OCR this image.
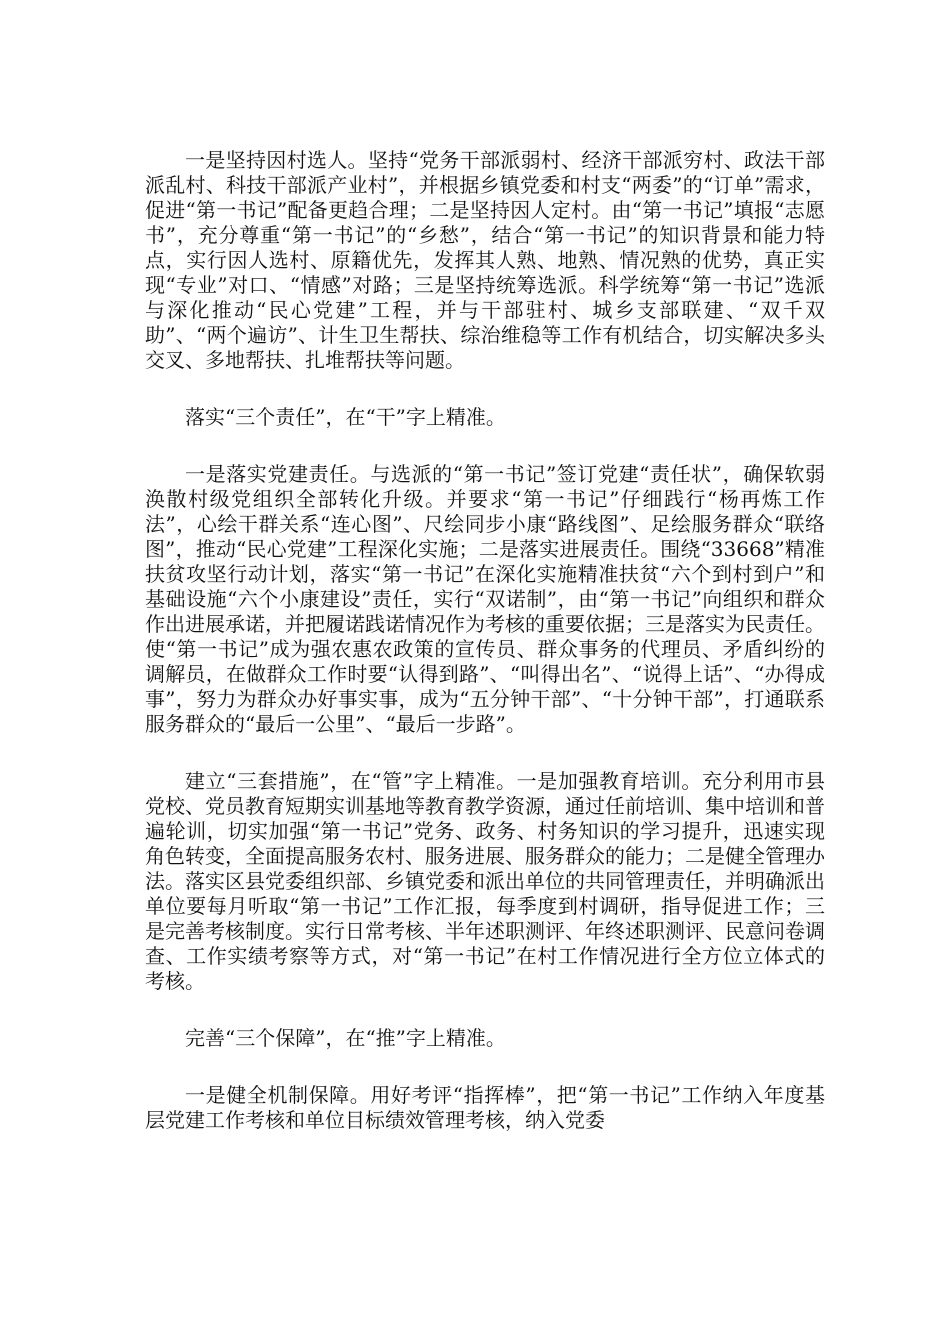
一是坚持因村选人。坚持“党务干部派弱村、经济干部派穷村、政法干部派乱村、科技干部派产业村”，并根据乡镇党委和村支“两委”的“订单”需求，促进“第一书记”配备更趋合理；二是坚持因人定村。由“第一书记”填报“志愿书”，充分尊重“第一书记”的“乡愁”，结合“第一书记”的知识背景和能力特点，实行因人选村、原籍优先，发挥其人熟、地熟、情况熟的优势，真正实现“专业”对口、“情感”对路；三是坚持统筹选派。科学统筹“第一书记”选派与深化推动“民心党建”工程，并与干部驻村、城乡支部联建、“双千双助”、“两个遍访”、计生卫生帮扶、综治维稳等工作有机结合，切实解决多头交叉、多地帮扶、扎堆帮扶等问题。

落实“三个责任”，在“干”字上精准。

一是落实党建责任。与选派的“第一书记”签订党建“责任状”，确保软弱涣散村级党组织全部转化升级。并要求“第一书记”仔细践行“杨再炼工作法”，心绘干群关系“连心图”、尺绘同步小康“路线图”、足绘服务群众“联络图”，推动“民心党建”工程深化实施；二是落实进展责任。围绕“33668”精准扶贫攻坚行动计划，落实“第一书记”在深化实施精准扶贫“六个到村到户”和基础设施“六个小康建设”责任，实行“双诺制”，由“第一书记”向组织和群众作出进展承诺，并把履诺践诺情况作为考核的重要依据；三是落实为民责任。使“第一书记”成为强农惠农政策的宣传员、群众事务的代理员、矛盾纠纷的调解员，在做群众工作时要“认得到路”、“叫得出名”、“说得上话”、“办得成事”，努力为群众办好事实事，成为“五分钟干部”、“十分钟干部”，打通联系服务群众的“最后一公里”、“最后一步路”。

建立“三套措施”，在“管”字上精准。一是加强教育培训。充分利用市县党校、党员教育短期实训基地等教育教学资源，通过任前培训、集中培训和普遍轮训，切实加强“第一书记”党务、政务、村务知识的学习提升，迅速实现角色转变，全面提高服务农村、服务进展、服务群众的能力；二是健全管理办法。落实区县党委组织部、乡镇党委和派出单位的共同管理责任，并明确派出单位要每月听取“第一书记”工作汇报，每季度到村调研，指导促进工作；三是完善考核制度。实行日常考核、半年述职测评、年终述职测评、民意问卷调查、工作实绩考察等方式，对“第一书记”在村工作情况进行全方位立体式的考核。

完善“三个保障”，在“推”字上精准。

一是健全机制保障。用好考评“指挥棒”，把“第一书记”工作纳入年度基层党建工作考核和单位目标绩效管理考核，纳入党委
